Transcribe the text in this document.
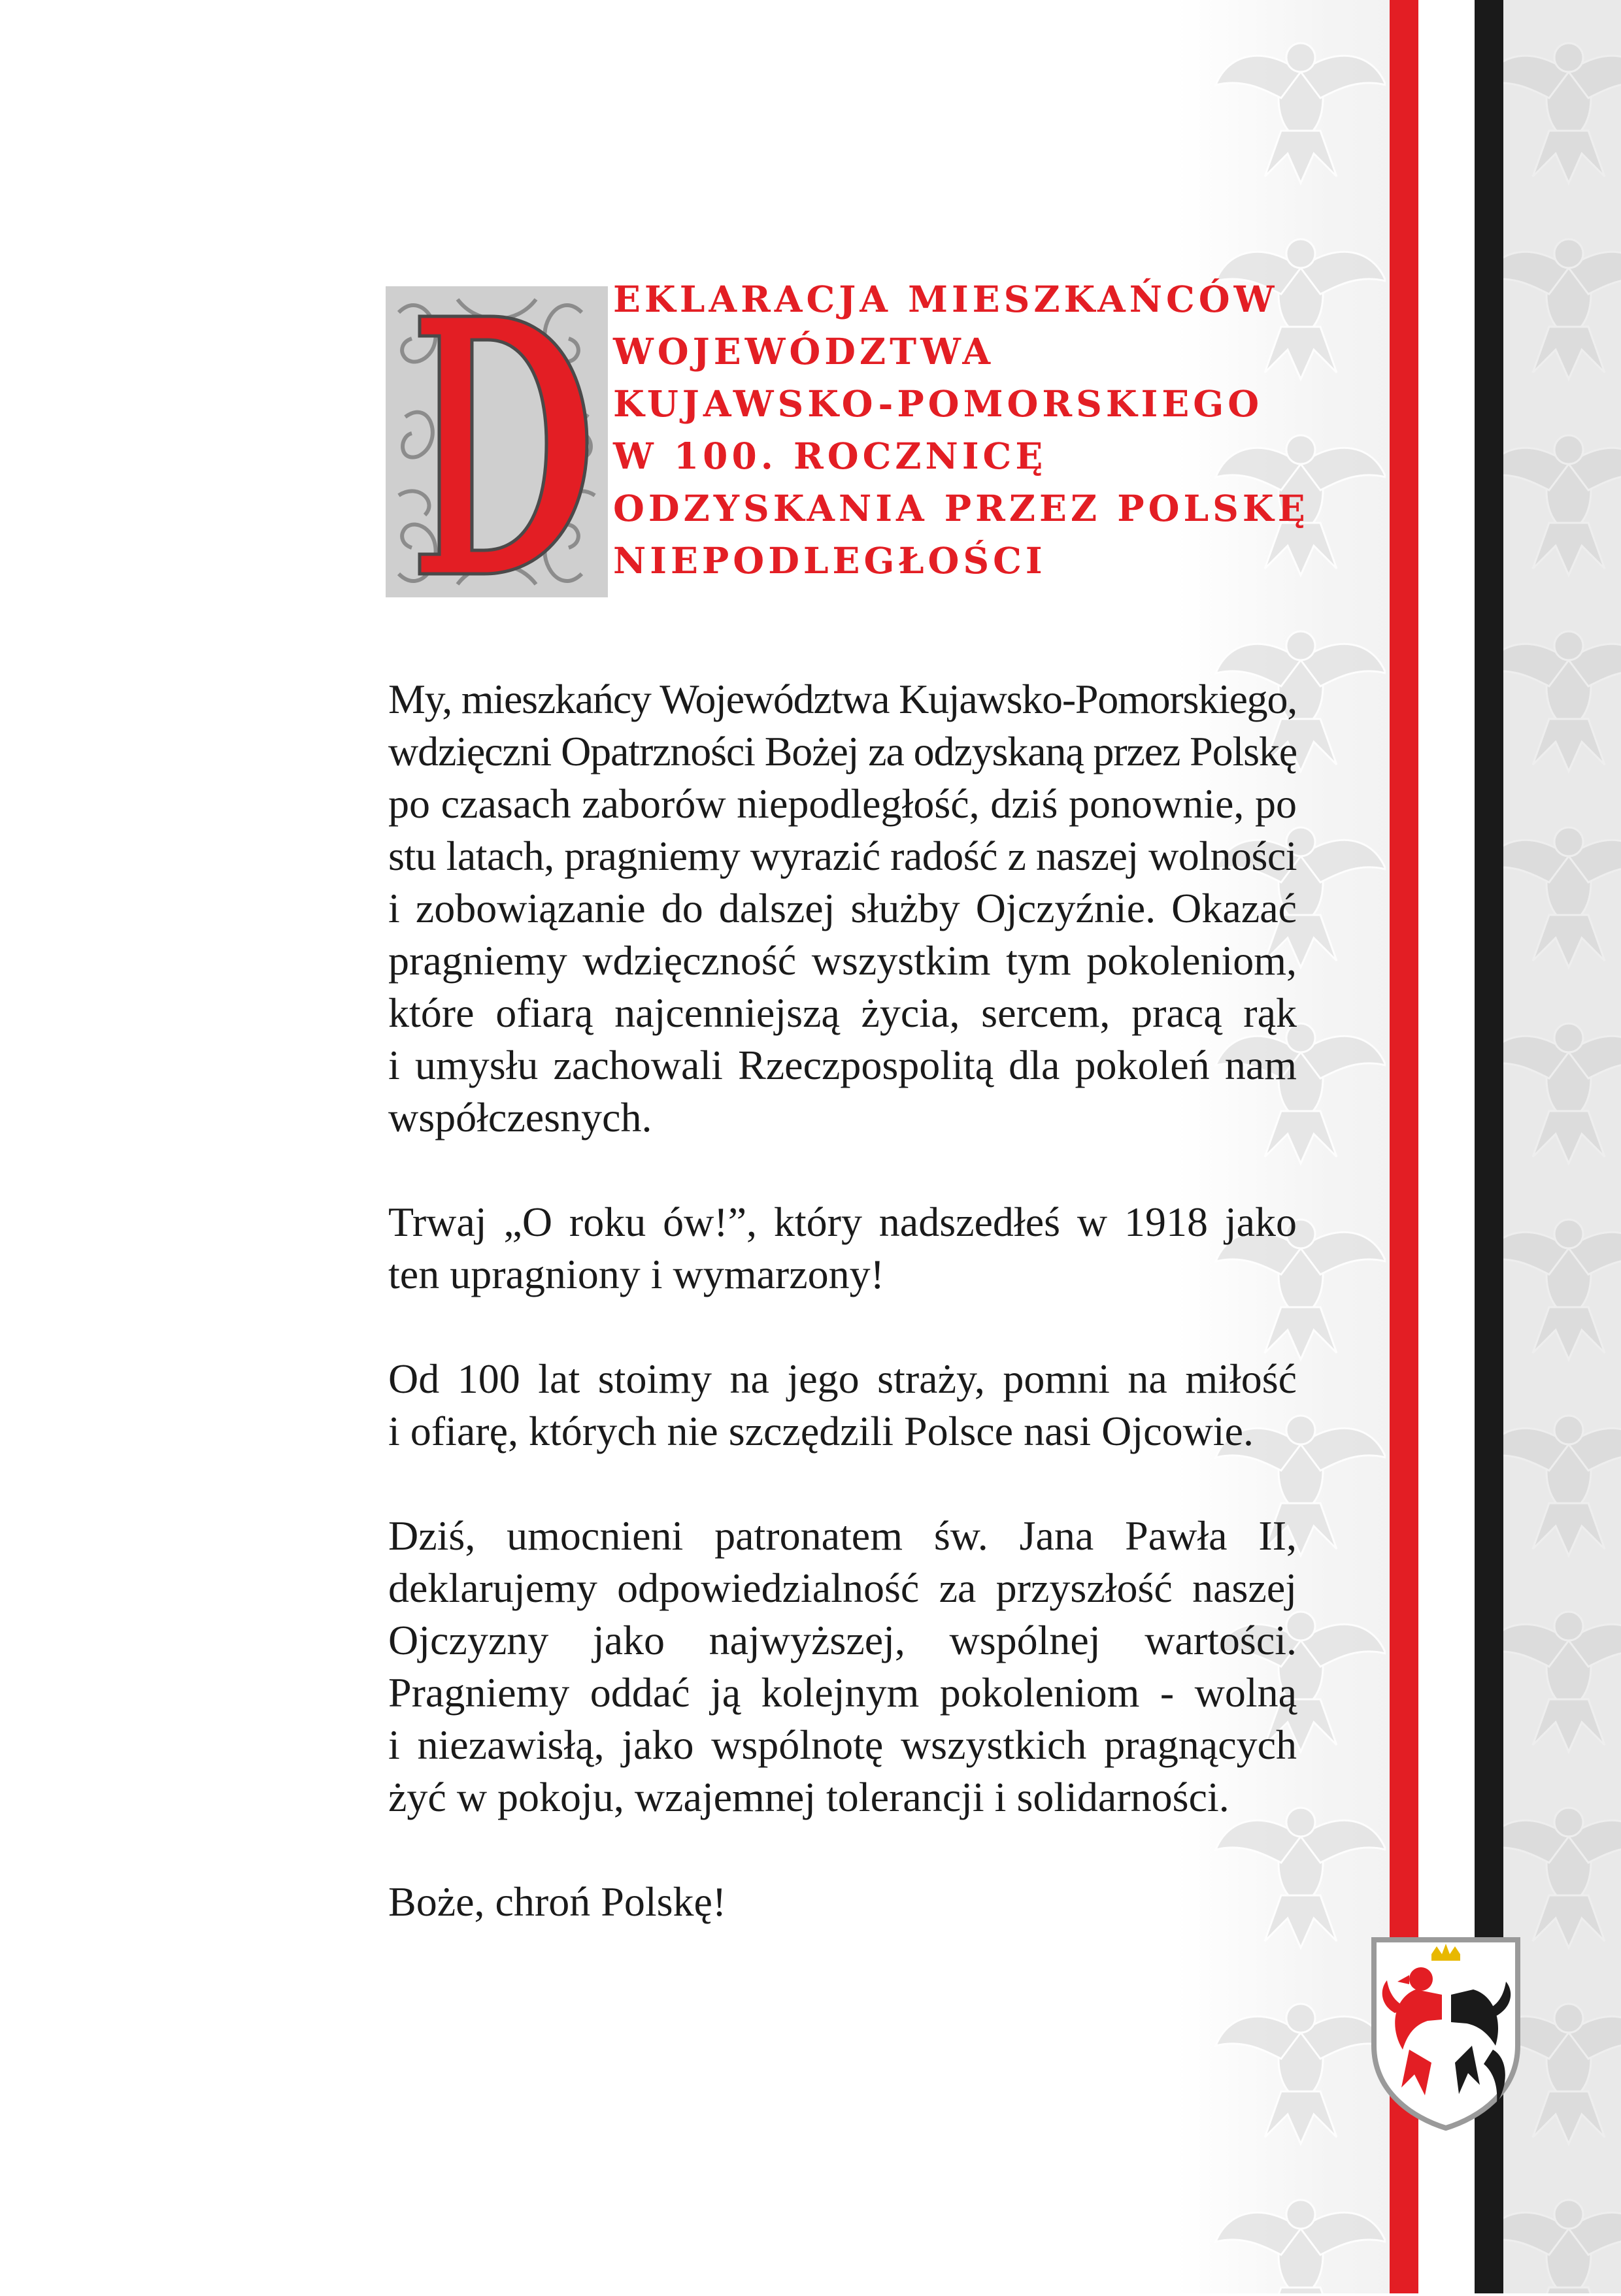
EKLARACJA MIESZKAŃCÓW
WOJEWÓDZTWA
KUJAWSKO-POMORSKIEGO
W 100. ROCZNICĘ
ODZYSKANIA PRZEZ POLSKĘ
NIEPODLEGŁOŚCI

My, mieszkańcy Województwa Kujawsko-Pomorskiego,
wdzięczni Opatrzności Bożej za odzyskaną przez Polskę
po czasach zaborów niepodległość, dziś ponownie, po
stu latach, pragniemy wyrazić radość z naszej wolności
i zobowiązanie do dalszej służby Ojczyźnie. Okazać
pragniemy wdzięczność wszystkim tym pokoleniom,
które ofiarą najcenniejszą życia, sercem, pracą rąk
i umysłu zachowali Rzeczpospolitą dla pokoleń nam
współczesnych.

Trwaj „O roku ów!”, który nadszedłeś w 1918 jako
ten upragniony i wymarzony!

Od 100 lat stoimy na jego straży, pomni na miłość
i ofiarę, których nie szczędzili Polsce nasi Ojcowie.

Dziś, umocnieni patronatem św. Jana Pawła II,
deklarujemy odpowiedzialność za przyszłość naszej
Ojczyzny jako najwyższej, wspólnej wartości.
Pragniemy oddać ją kolejnym pokoleniom - wolną
i niezawisłą, jako wspólnotę wszystkich pragnących
żyć w pokoju, wzajemnej tolerancji i solidarności.

Boże, chroń Polskę!
